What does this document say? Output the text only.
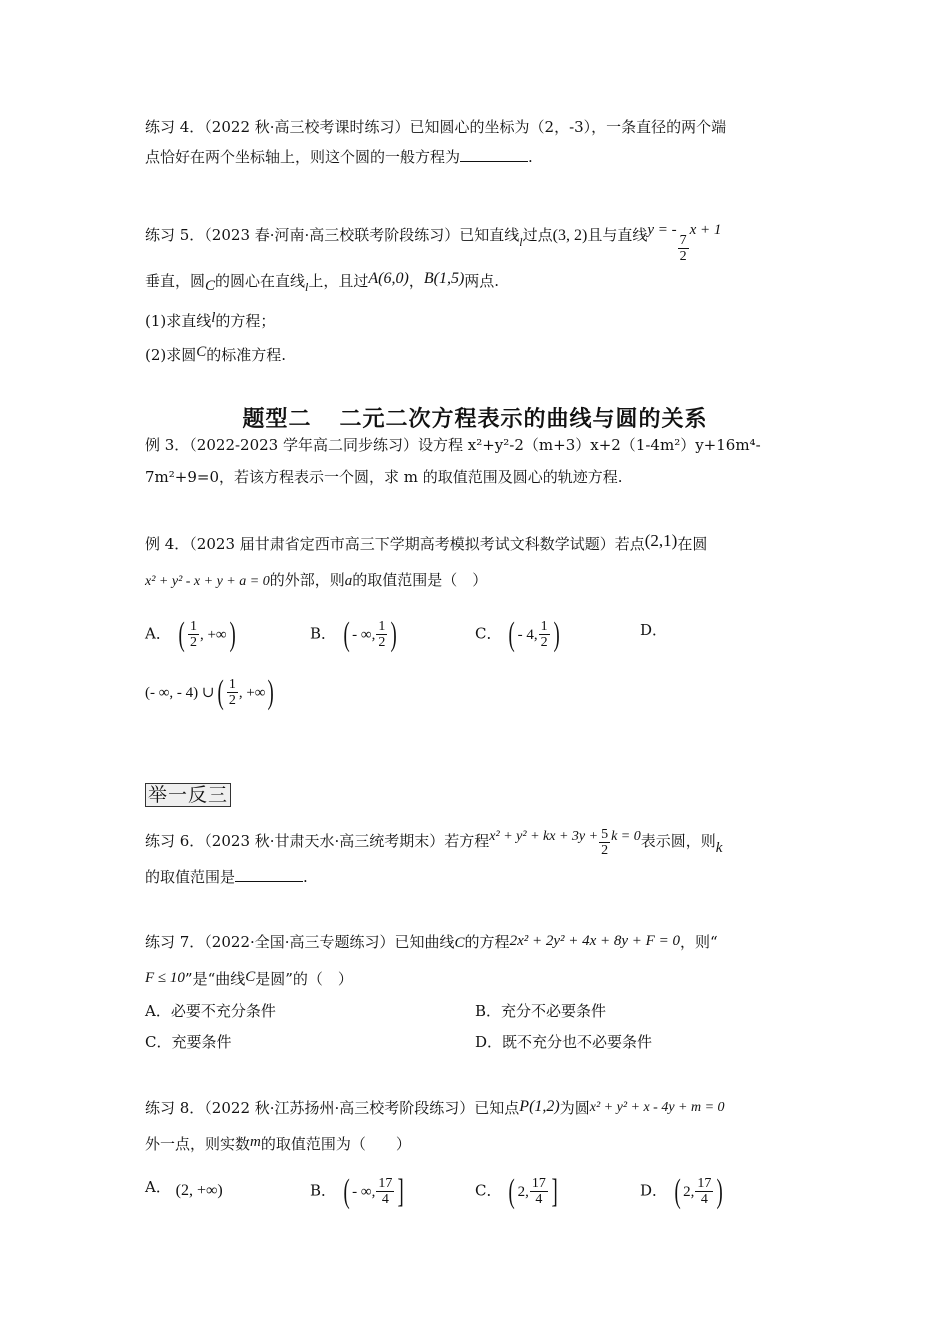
练习 4．（2022 秋·高三校考课时练习）已知圆心的坐标为（2，-3），一条直径的两个端
点恰好在两个坐标轴上，则这个圆的一般方程为	.
练习 5．（2023 春·河南·高三校联考阶段练习）已知直线$_l$过点(3, 2)且与直线y = -
$\frac{7}{2}$
x + 1
垂直，圆C的圆心在直线$_l$上，且过A(6,0)，B(1,5)两点.
(1)求直线l的方程；
(2)求圆C的标准方程.
题型二 二元二次方程表示的曲线与圆的关系
例 3．（2022-2023 学年高二同步练习）设方程 x²+y²-2（m+3）x+2（1-4m²）y+16m⁴-
7m²+9=0，若该方程表示一个圆，求 m 的取值范围及圆心的轨迹方程.
例 4．（2023 届甘肃省定西市高三下学期高考模拟考试文科数学试题）若点(2,1)在圆
x² + y² - x + y + a = 0的外部，则a的取值范围是（　）
A． ( $\frac{1}{2}$ , +∞ )	B． ( - ∞, $\frac{1}{2}$ )	C． ( - 4, $\frac{1}{2}$ )	D．
(- ∞, - 4) ∪ ( $\frac{1}{2}$ , +∞ )
举一反三
练习 6．（2023 秋·甘肃天水·高三统考期末）若方程x² + y² + kx + $3y + \frac{5}{2}$ k = 0表示圆，则k
的取值范围是	.
练习 7．（2022·全国·高三专题练习）已知曲线C的方程2x² + 2y² + 4x + 8y + F = 0，则“
F ≤ 10”是“曲线C是圆”的（　）
A．必要不充分条件	B．充分不必要条件
C．充要条件	D．既不充分也不必要条件
练习 8．（2022 秋·江苏扬州·高三校考阶段练习）已知点P(1,2)为圆x² + y² + x - 4y + m = 0
外一点，则实数m的取值范围为（　　）
A． (2, +∞)	B． ( - ∞, $\frac{17}{4}$ ]	C． ( 2, $\frac{17}{4}$ ]	D． ( 2, $\frac{17}{4}$ )
